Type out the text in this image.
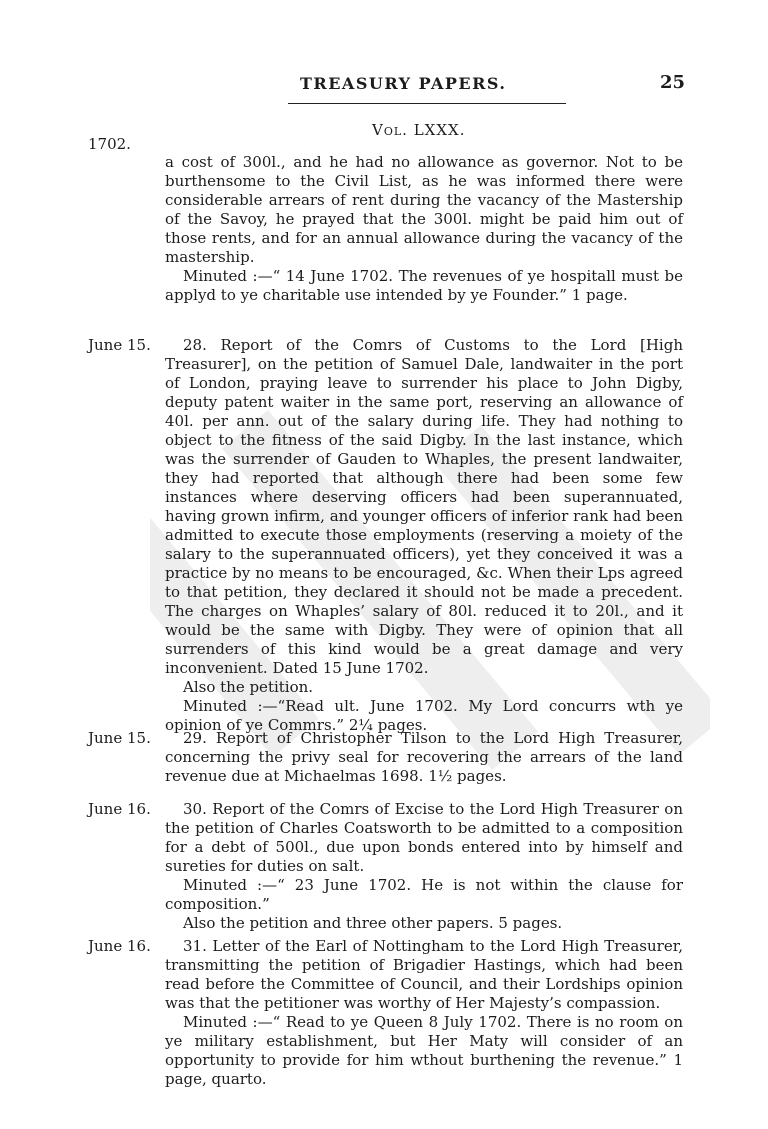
TREASURY PAPERS.	25
Vol. LXXX.
1702.

a cost of 300l., and he had no allowance as governor. Not to be burthensome to the Civil List, as he was informed there were considerable arrears of rent during the vacancy of the Mastership of the Savoy, he prayed that the 300l. might be paid him out of those rents, and for an annual allowance during the vacancy of the mastership.

Minuted :—“ 14 June 1702. The revenues of ye hospitall must be applyd to ye charitable use intended by ye Founder.” 1 page.

June 15.	28. Report of the Comrs of Customs to the Lord [High Treasurer], on the petition of Samuel Dale, landwaiter in the port of London, praying leave to surrender his place to John Digby, deputy patent waiter in the same port, reserving an allowance of 40l. per ann. out of the salary during life. They had nothing to object to the fitness of the said Digby. In the last instance, which was the surrender of Gauden to Whaples, the present landwaiter, they had reported that although there had been some few instances where deserving officers had been superannuated, having grown infirm, and younger officers of inferior rank had been admitted to execute those employments (reserving a moiety of the salary to the superannuated officers), yet they conceived it was a practice by no means to be encouraged, &c. When their Lps agreed to that petition, they declared it should not be made a precedent. The charges on Whaples’ salary of 80l. reduced it to 20l., and it would be the same with Digby. They were of opinion that all surrenders of this kind would be a great damage and very inconvenient. Dated 15 June 1702.

Also the petition.

Minuted :—“Read ult. June 1702. My Lord concurrs wth ye opinion of ye Commrs.” 2¼ pages.

June 15.	29. Report of Christopher Tilson to the Lord High Treasurer, concerning the privy seal for recovering the arrears of the land revenue due at Michaelmas 1698. 1½ pages.

June 16.	30. Report of the Comrs of Excise to the Lord High Treasurer on the petition of Charles Coatsworth to be admitted to a composition for a debt of 500l., due upon bonds entered into by himself and sureties for duties on salt.

Minuted :—“ 23 June 1702. He is not within the clause for composition.”

Also the petition and three other papers. 5 pages.

June 16.	31. Letter of the Earl of Nottingham to the Lord High Treasurer, transmitting the petition of Brigadier Hastings, which had been read before the Committee of Council, and their Lordships opinion was that the petitioner was worthy of Her Majesty’s compassion.

Minuted :—“ Read to ye Queen 8 July 1702. There is no room on ye military establishment, but Her Maty will consider of an opportunity to provide for him wthout burthening the revenue.” 1 page, quarto.
